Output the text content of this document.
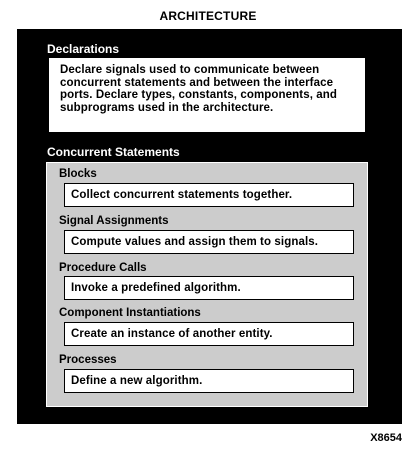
ARCHITECTURE
Declarations
Declare signals used to communicate between concurrent statements and between the interface ports. Declare types, constants, components, and subprograms used in the architecture.
Concurrent Statements
Blocks
Collect concurrent statements together.
Signal Assignments
Compute values and assign them to signals.
Procedure Calls
Invoke a predefined algorithm.
Component Instantiations
Create an instance of another entity.
Processes
Define a new algorithm.
X8654
